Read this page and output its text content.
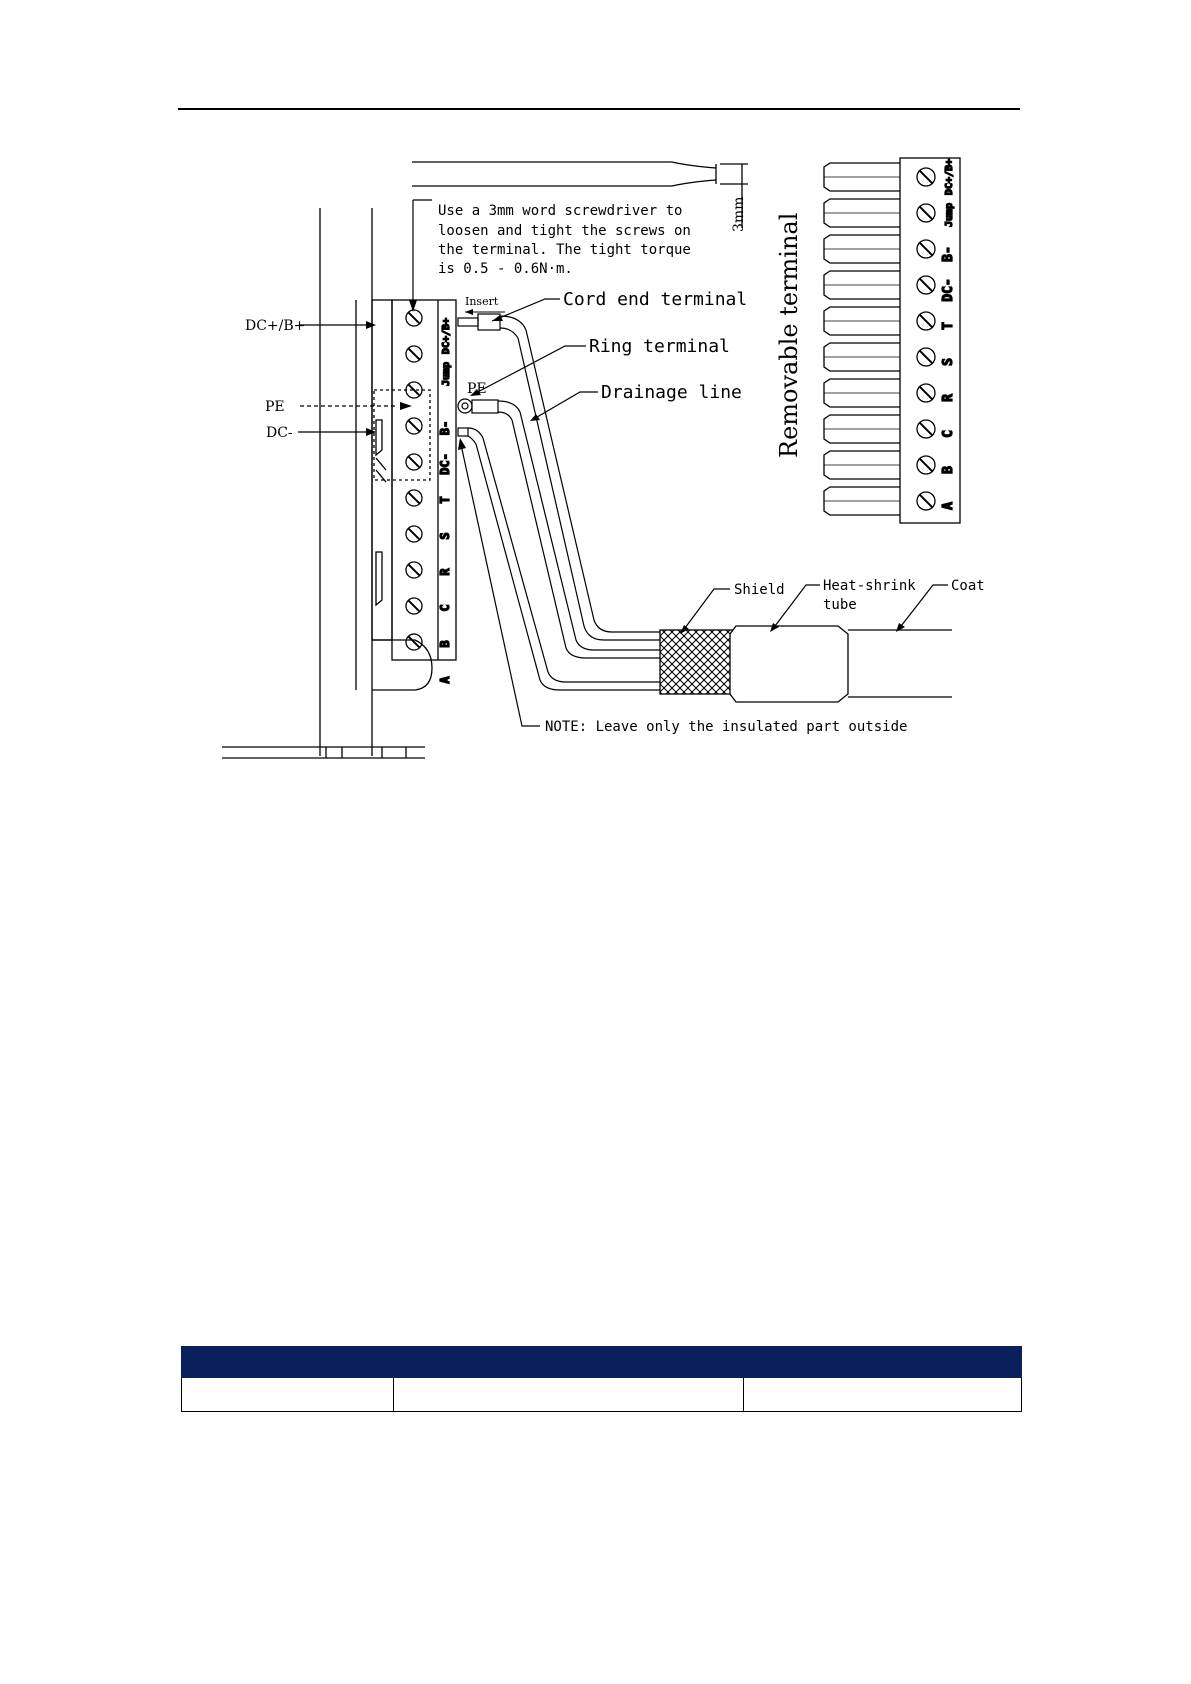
DC+/B+
Jump
B-
DC-
T
S
R
C
B
A
3mm
Use a 3mm word screwdriver to
loosen and tight the screws on
the terminal. The tight torque
is 0.5 - 0.6N·m.
DC+/B+
PE
DC-
DC+/B+
Jump
B-
DC-
T
S
R
C
B
A
Removable terminal
Insert	Cord end terminal
Ring terminal
Drainage line
PE
Shield	Heat-shrink
tube
Coat
NOTE: Leave only the insulated part outside
